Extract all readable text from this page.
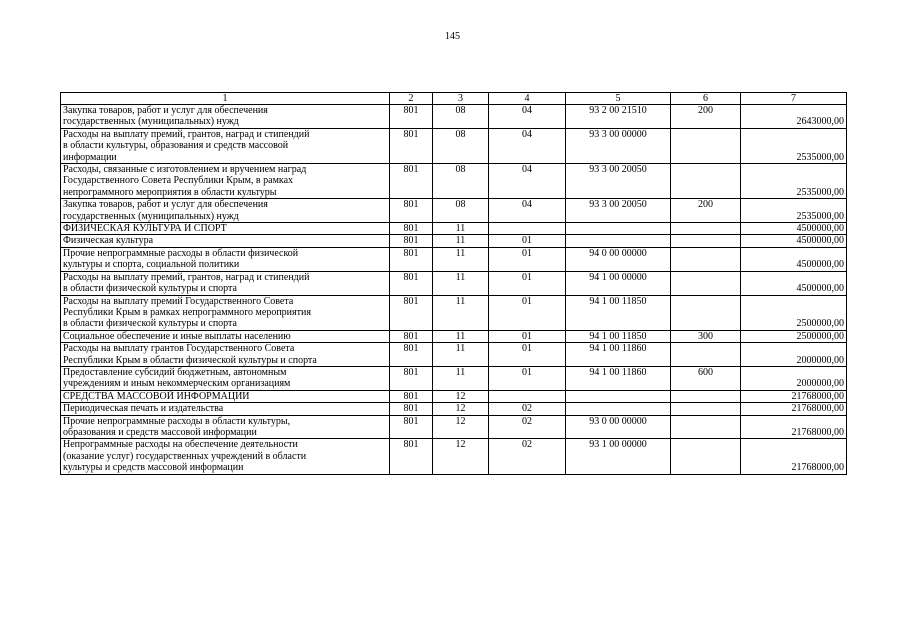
145
1	2	3	4	5	6	7

Закупка товаров, работ и услуг для обеспечения
государственных (муниципальных) нужд	801	08	04	93 2 00 21510	200	2643000,00

Расходы на выплату премий, грантов, наград и стипендий
в области культуры, образования и средств массовой
информации	801	08	04	93 3 00 00000		2535000,00

Расходы, связанные с изготовлением и вручением наград
Государственного Совета Республики Крым, в рамках
непрограммного мероприятия в области культуры	801	08	04	93 3 00 20050		2535000,00

Закупка товаров, работ и услуг для обеспечения
государственных (муниципальных) нужд	801	08	04	93 3 00 20050	200	2535000,00

ФИЗИЧЕСКАЯ КУЛЬТУРА И СПОРТ	801	11				4500000,00

Физическая культура	801	11	01			4500000,00

Прочие непрограммные расходы в области физической
культуры и спорта, социальной политики	801	11	01	94 0 00 00000		4500000,00

Расходы на выплату премий, грантов, наград и стипендий
в области физической культуры и спорта	801	11	01	94 1 00 00000		4500000,00

Расходы на выплату премий Государственного Совета
Республики Крым в рамках непрограммного мероприятия
в области физической культуры и спорта	801	11	01	94 1 00 11850		2500000,00

Социальное обеспечение и иные выплаты населению	801	11	01	94 1 00 11850	300	2500000,00

Расходы на выплату грантов Государственного Совета
Республики Крым в области физической культуры и спорта	801	11	01	94 1 00 11860		2000000,00

Предоставление субсидий бюджетным, автономным
учреждениям и иным некоммерческим организациям	801	11	01	94 1 00 11860	600	2000000,00

СРЕДСТВА МАССОВОЙ ИНФОРМАЦИИ	801	12				21768000,00

Периодическая печать и издательства	801	12	02			21768000,00

Прочие непрограммные расходы в области культуры,
образования и средств массовой информации	801	12	02	93 0 00 00000		21768000,00

Непрограммные расходы на обеспечение деятельности
(оказание услуг) государственных учреждений в области
культуры и средств массовой информации	801	12	02	93 1 00 00000		21768000,00
